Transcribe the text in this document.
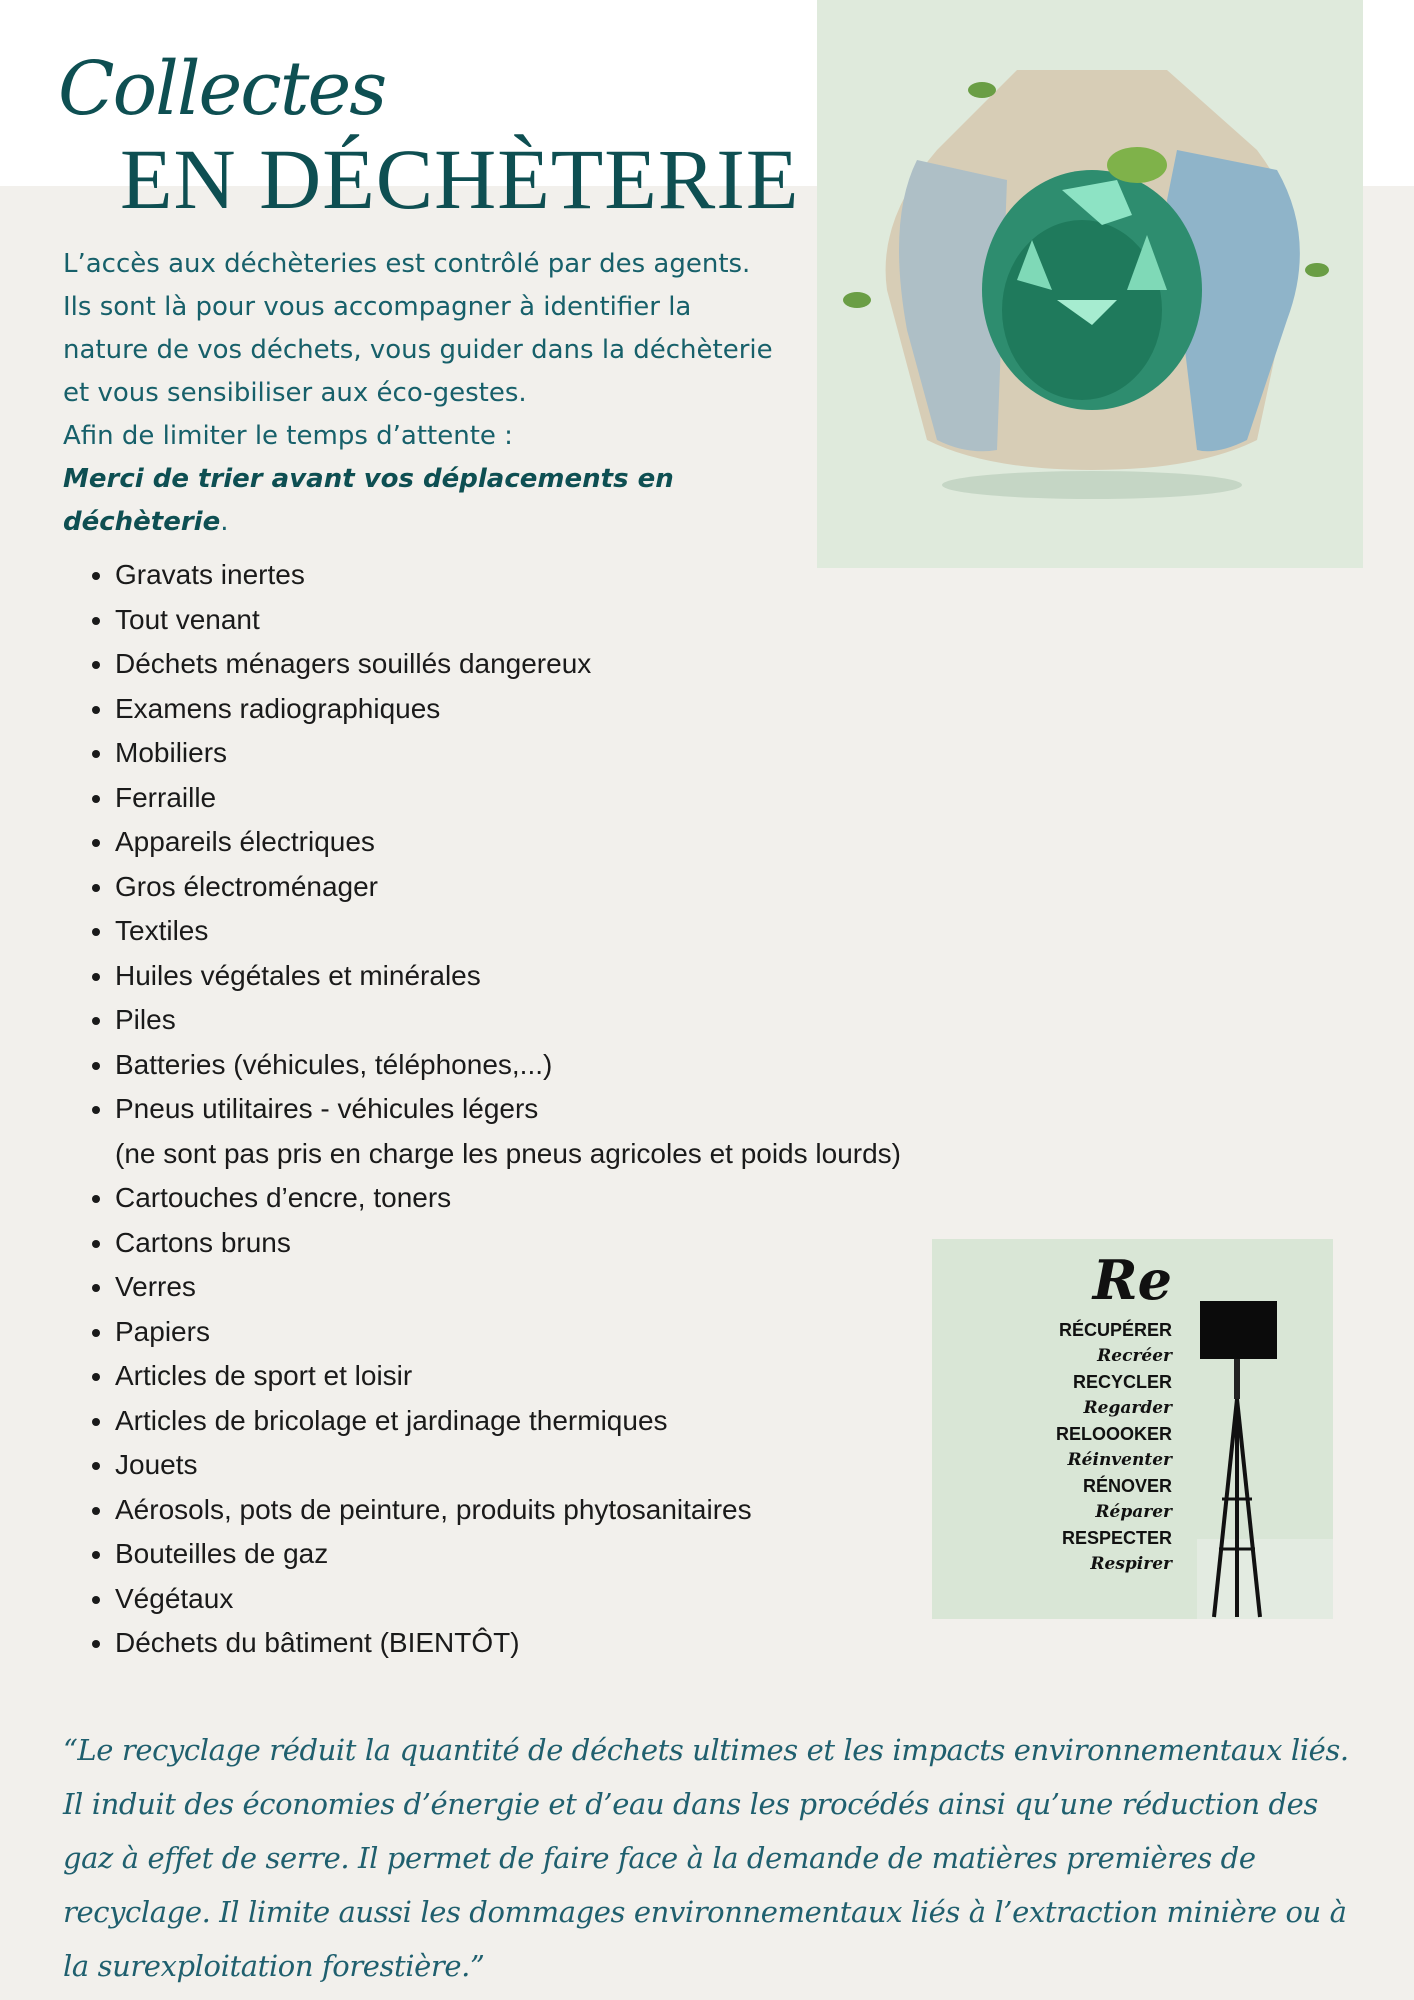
Collectes
EN DÉCHÈTERIE

L’accès aux déchèteries est contrôlé par des agents.

Ils sont là pour vous accompagner à identifier la

nature de vos déchets, vous guider dans la déchèterie

et vous sensibiliser aux éco-gestes.

Afin de limiter le temps d’attente :

Merci de trier avant vos déplacements en déchèterie.

• Gravats inertes
• Tout venant
• Déchets ménagers souillés dangereux
• Examens radiographiques
• Mobiliers
• Ferraille
• Appareils électriques
• Gros électroménager
• Textiles
• Huiles végétales et minérales
• Piles
• Batteries (véhicules, téléphones,...)
• Pneus utilitaires - véhicules légers
(ne sont pas pris en charge les pneus agricoles et poids lourds)
• Cartouches d’encre, toners
• Cartons bruns
• Verres
• Papiers
• Articles de sport et loisir
• Articles de bricolage et jardinage thermiques
• Jouets
• Aérosols, pots de peinture, produits phytosanitaires
• Bouteilles de gaz
• Végétaux
• Déchets du bâtiment (BIENTÔT)
Re
RÉCUPÉRER
Recréer
RECYCLER
Regarder
RELOOOKER
Réinventer
RÉNOVER
Réparer
RESPECTER
Respirer

“Le recyclage réduit la quantité de déchets ultimes et les impacts environnementaux liés. Il induit des économies d’énergie et d’eau dans les procédés ainsi qu’une réduction des gaz à effet de serre. Il permet de faire face à la demande de matières premières de recyclage. Il limite aussi les dommages environnementaux liés à l’extraction minière ou à la surexploitation forestière.”
